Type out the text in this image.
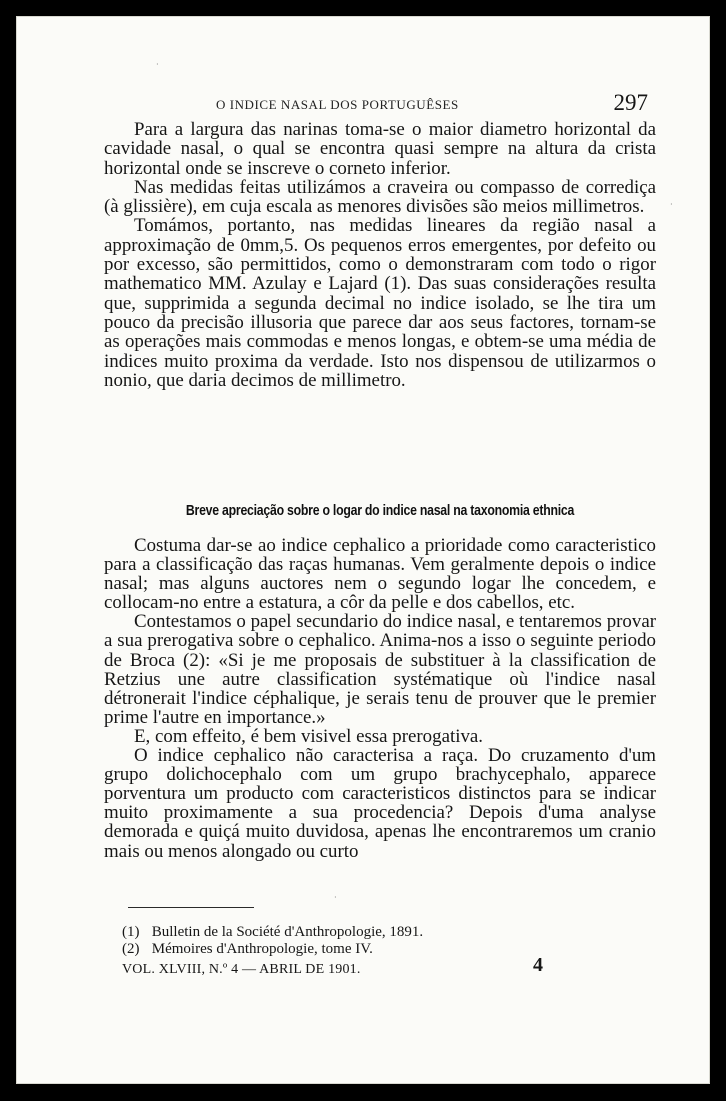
O INDICE NASAL DOS PORTUGUÊSES	297

Para a largura das narinas toma-se o maior diametro horizontal da cavidade nasal, o qual se encontra quasi sempre na altura da crista horizontal onde se inscreve o corneto inferior.

Nas medidas feitas utilizámos a craveira ou compasso de corrediça (à glissière), em cuja escala as menores divisões são meios millimetros.

Tomámos, portanto, nas medidas lineares da região nasal a approximação de 0mm,5. Os pequenos erros emergentes, por defeito ou por excesso, são permittidos, como o demonstraram com todo o rigor mathematico MM. Azulay e Lajard (1). Das suas considerações resulta que, supprimida a segunda decimal no indice isolado, se lhe tira um pouco da precisão illusoria que parece dar aos seus factores, tornam-se as operações mais commodas e menos longas, e obtem-se uma média de indices muito proxima da verdade. Isto nos dispensou de utilizarmos o nonio, que daria decimos de millimetro.

Breve apreciação sobre o logar do indice nasal na taxonomia ethnica

Costuma dar-se ao indice cephalico a prioridade como caracteristico para a classificação das raças humanas. Vem geralmente depois o indice nasal; mas alguns auctores nem o segundo logar lhe concedem, e collocam-no entre a estatura, a côr da pelle e dos cabellos, etc.

Contestamos o papel secundario do indice nasal, e tentaremos provar a sua prerogativa sobre o cephalico. Anima-nos a isso o seguinte periodo de Broca (2): «Si je me proposais de substituer à la classification de Retzius une autre classification systématique où l'indice nasal détronerait l'indice céphalique, je serais tenu de prouver que le premier prime l'autre en importance.»

E, com effeito, é bem visivel essa prerogativa.

O indice cephalico não caracterisa a raça. Do cruzamento d'um grupo dolichocephalo com um grupo brachycephalo, apparece porventura um producto com caracteristicos distinctos para se indicar muito proximamente a sua procedencia? Depois d'uma analyse demorada e quiçá muito duvidosa, apenas lhe encontraremos um cranio mais ou menos alongado ou curto

(1) Bulletin de la Société d'Anthropologie, 1891.
(2) Mémoires d'Anthropologie, tome IV.
VOL. XLVIII, N.º 4 — ABRIL DE 1901.	4
·
·
·
